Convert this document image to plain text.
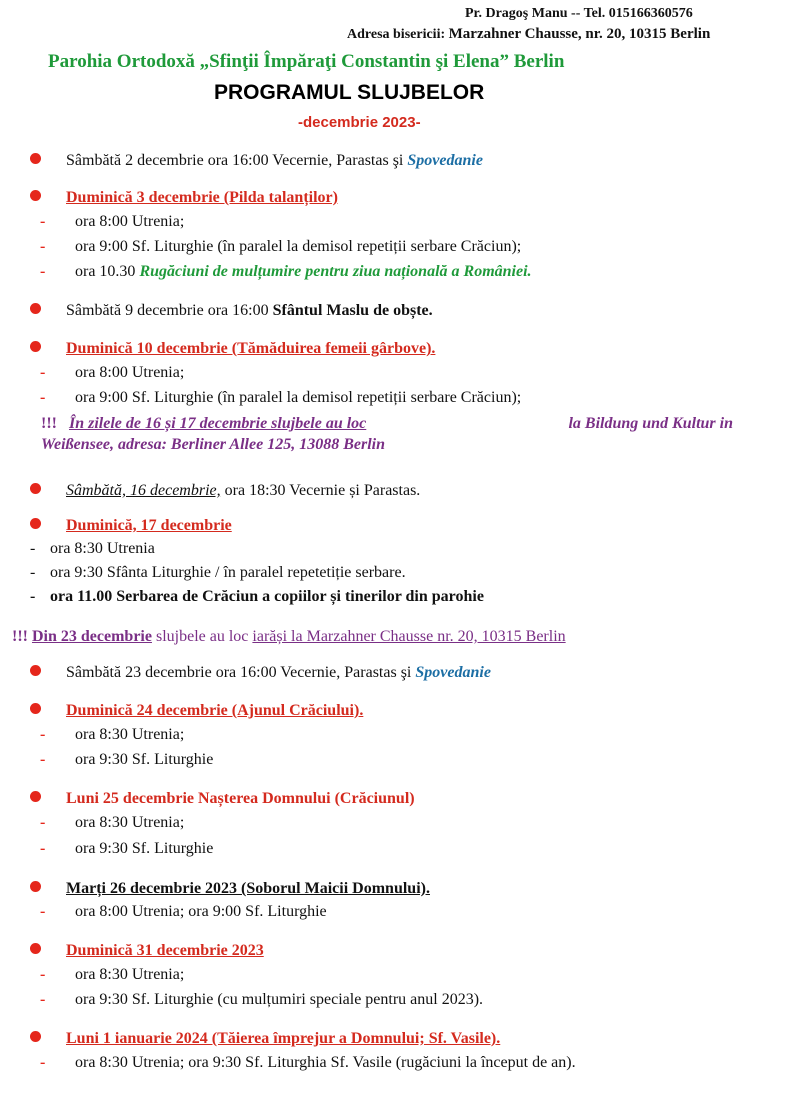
Pr. Dragoş Manu -- Tel. 015166360576
Adresa bisericii: Marzahner Chausse, nr. 20, 10315 Berlin
Parohia Ortodoxă „Sfinţii Împăraţi Constantin şi Elena” Berlin
PROGRAMUL SLUJBELOR
-decembrie 2023-
Sâmbătă 2 decembrie ora 16:00 Vecernie, Parastas şi Spovedanie
Duminică 3 decembrie (Pilda talanților)
- ora 8:00 Utrenia;
- ora 9:00 Sf. Liturghie (în paralel la demisol repetiții serbare Crăciun);
- ora 10.30 Rugăciuni de mulțumire pentru ziua națională a României.
Sâmbătă 9 decembrie ora 16:00 Sfântul Maslu de obște.
Duminică 10 decembrie (Tămăduirea femeii gârbove).
- ora 8:00 Utrenia;
- ora 9:00 Sf. Liturghie (în paralel la demisol repetiții serbare Crăciun);
!!! În zilele de 16 și 17 decembrie slujbele au loc	la Bildung und Kultur in
Weißensee, adresa: Berliner Allee 125, 13088 Berlin
Sâmbătă, 16 decembrie, ora 18:30 Vecernie și Parastas.
Duminică, 17 decembrie
- ora 8:30 Utrenia
- ora 9:30 Sfânta Liturghie / în paralel repetetiție serbare.
- ora 11.00 Serbarea de Crăciun a copiilor și tinerilor din parohie
!!! Din 23 decembrie slujbele au loc iarăși la Marzahner Chausse nr. 20, 10315 Berlin
Sâmbătă 23 decembrie ora 16:00 Vecernie, Parastas şi Spovedanie
Duminică 24 decembrie (Ajunul Crăciului).
- ora 8:30 Utrenia;
- ora 9:30 Sf. Liturghie
Luni 25 decembrie Nașterea Domnului (Crăciunul)
- ora 8:30 Utrenia;
- ora 9:30 Sf. Liturghie
Marți 26 decembrie 2023 (Soborul Maicii Domnului).
- ora 8:00 Utrenia; ora 9:00 Sf. Liturghie
Duminică 31 decembrie 2023
- ora 8:30 Utrenia;
- ora 9:30 Sf. Liturghie (cu mulțumiri speciale pentru anul 2023).
Luni 1 ianuarie 2024 (Tăierea împrejur a Domnului; Sf. Vasile).
- ora 8:30 Utrenia; ora 9:30 Sf. Liturghia Sf. Vasile (rugăciuni la început de an).
